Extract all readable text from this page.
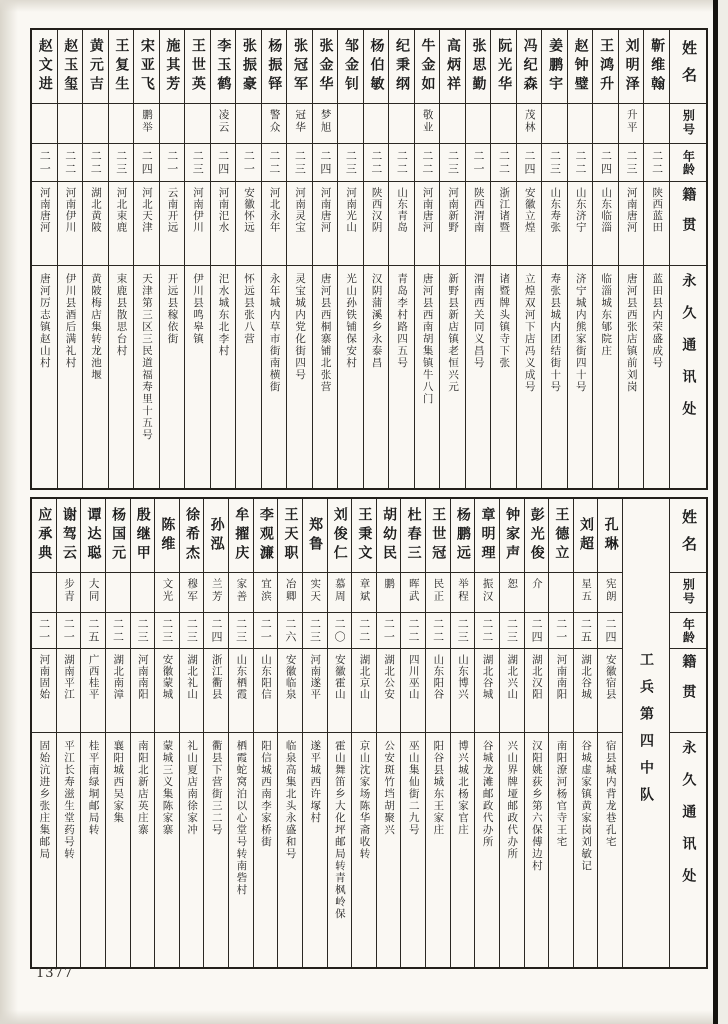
姓名
别号
年龄
籍贯
永久通讯处
靳维翰
二二
陕西蓝田
蓝田县内荣盛成号
刘明泽
升平
二三
河南唐河
唐河县西张店镇前刘岗
王鸿升
二四
山东临淄
临淄城东郇院庄
赵钟璧
二二
山东济宁
济宁城内熊家街四十号
姜鹏宇
二三
山东寿张
寿张县城内团结街十号
冯纪森
茂林
二四
安徽立煌
立煌双河下店冯义成号
阮光华
二二
浙江诸暨
诸暨牌头镇寺下张
张思勤
二一
陕西渭南
渭南西关同义昌号
高炳祥
二三
河南新野
新野县新店镇老恒兴元
牛金如
敬业
二二
河南唐河
唐河县西南胡集镇牛八门
纪秉纲
二二
山东青岛
青岛李村路四五号
杨伯敏
二二
陕西汉阴
汉阴蒲溪乡永泰昌
邹金钊
二三
河南光山
光山孙铁铺保安村
张金华
梦旭
二四
河南唐河
唐河县西桐寨铺北张营
张冠军
冠华
二三
河南灵宝
灵宝城内党化街四号
杨振铎
警众
二二
河北永年
永年城内草市街南横街
张振豪
二一
安徽怀远
怀远县张八营
李玉鹤
凌云
二四
河南汜水
汜水城东北李村
王世英
二三
河南伊川
伊川县鸣皋镇
施其芳
二一
云南开远
开远县稼依街
宋亚飞
鹏举
二四
河北天津
天津第三区三民道福寿里十五号
王复生
二三
河北束鹿
束鹿县散思台村
黄元吉
二二
湖北黄陂
黄陂梅店集转龙池堰
赵玉玺
二二
河南伊川
伊川县酒后满礼村
赵文进
二一
河南唐河
唐河厉志镇赵山村
姓名
别号
年龄
籍贯
永久通讯处
工兵第四中队
孔琳
宪朗
二四
安徽宿县
宿县城内背龙巷孔宅
刘超
星五
二五
湖北谷城
谷城虚家镇黄家岗刘敏记
王德立
二一
河南南阳
南阳潦河杨官寺王宅
彭光俊
介
二四
湖北汉阳
汉阳姚荻乡第六保傅边村
钟家声
恕
二三
湖北兴山
兴山界牌垭邮政代办所
章明理
振汉
二二
湖北谷城
谷城龙滩邮政代办所
杨鹏远
举程
二三
山东博兴
博兴城北杨家官庄
王世冠
民正
二二
山东阳谷
阳谷县城东王家庄
杜春三
晖武
二二
四川巫山
巫山集仙街二九号
胡幼民
鹏
二一
湖北公安
公安斑竹垱胡聚兴
王秉文
章斌
二二
湖北京山
京山沈家场陈华斋收转
刘俊仁
慕周
二〇
安徽霍山
霍山舞笛乡大化坪邮局转青枫岭保
郑鲁
实天
二三
河南遂平
遂平城西许塚村
王天职
冶卿
二六
安徽临泉
临泉高集北头永盛和号
李观濂
宜滨
二一
山东阳信
阳信城西南李家桥街
牟擢庆
家善
二三
山东栖霞
栖霞蛇窝泊以心堂号转南砦村
孙泓
兰芳
二四
浙江衢县
衢县下营街三二号
徐希杰
穆军
二三
湖北礼山
礼山夏店南徐家冲
陈维
文光
二三
安徽蒙城
蒙城三义集陈家寨
殷继甲
二三
河南南阳
南阳北新店英庄寨
杨国元
二二
湖北南漳
襄阳城西吴家集
谭达聪
大同
二五
广西桂平
桂平南绿垌邮局转
谢驾云
步青
二一
湖南平江
平江长寿滋生堂药号转
应承典
二一
河南固始
固始沆进乡张庄集邮局
1377
